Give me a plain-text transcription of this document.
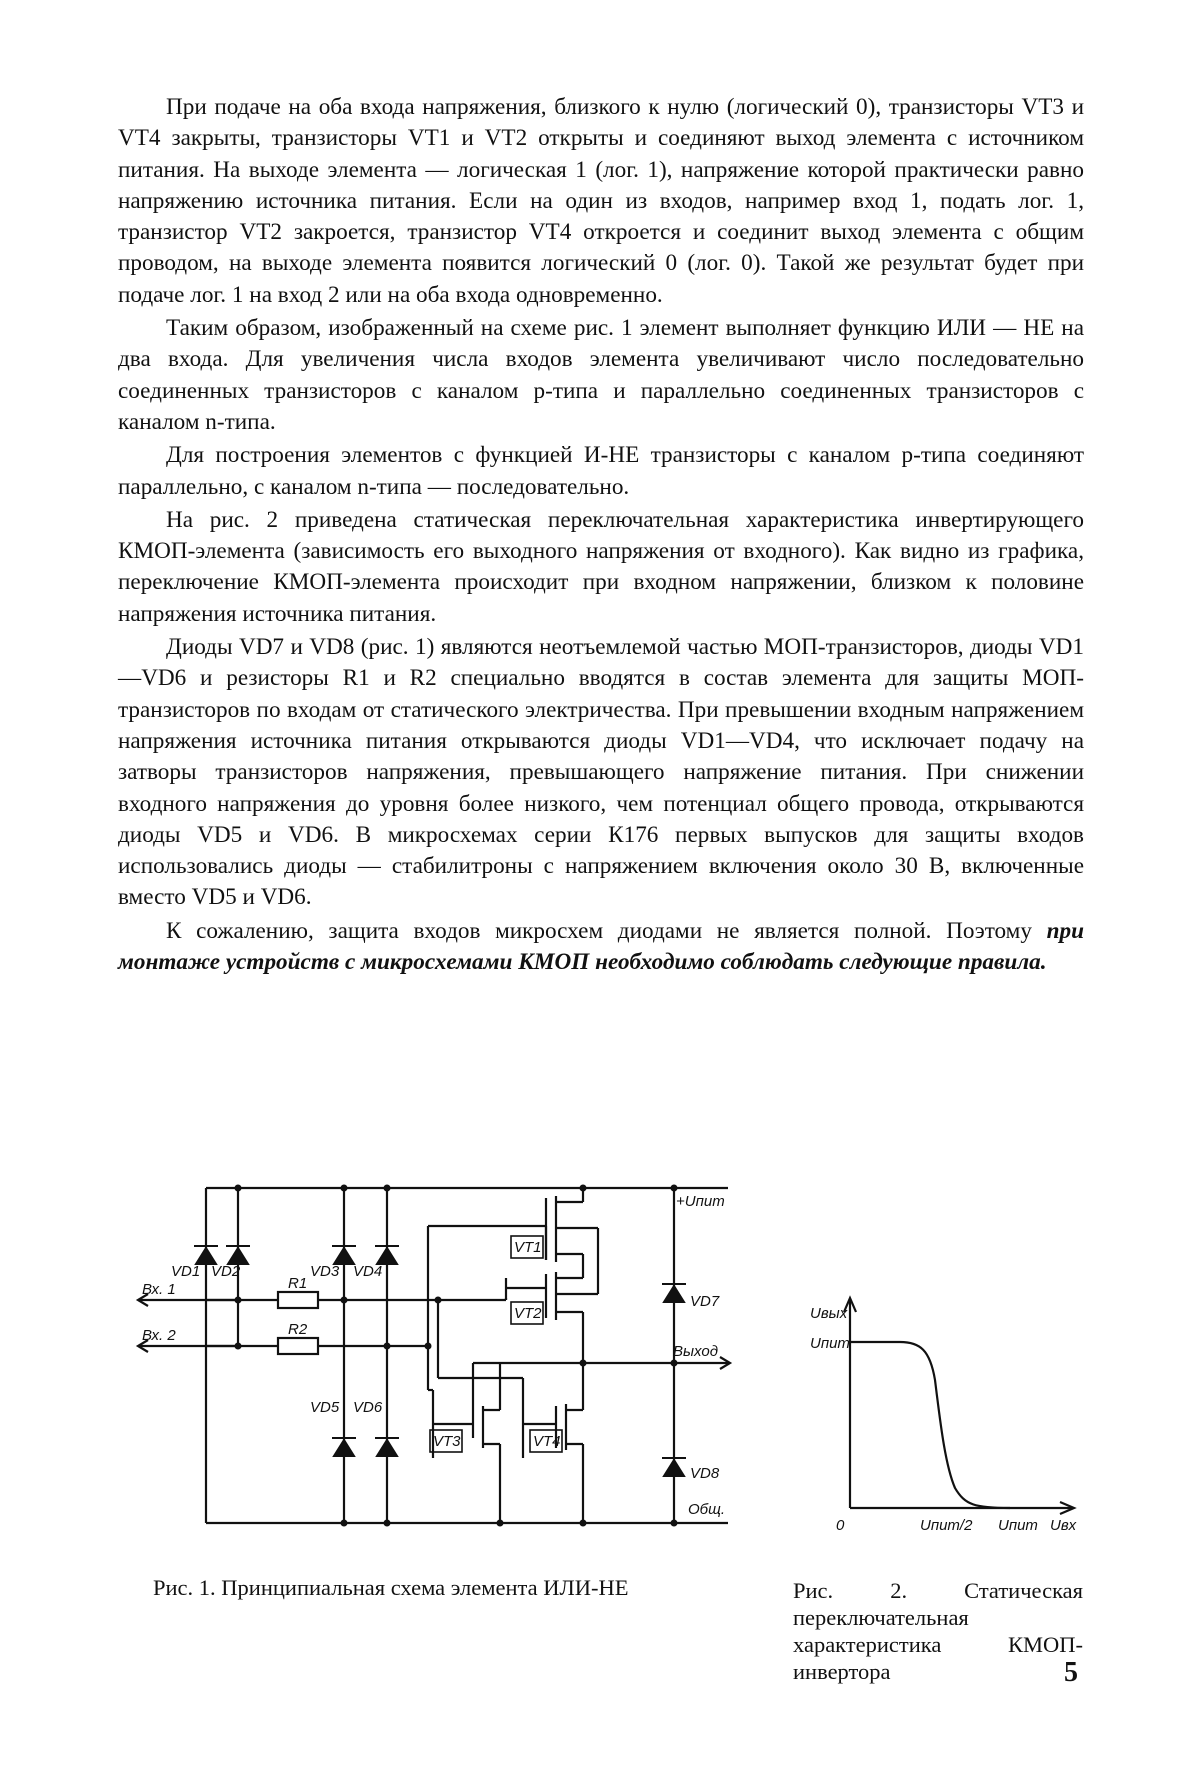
При подаче на оба входа напряжения, близкого к нулю (логический 0), транзисторы VT3 и VT4 закрыты, транзисторы VT1 и VT2 открыты и соединяют выход элемента с источником питания. На выходе элемента — логическая 1 (лог. 1), напряжение которой практически равно напряжению источника питания. Если на один из входов, например вход 1, подать лог. 1, транзистор VT2 закроется, транзистор VT4 откроется и соединит выход элемента с общим проводом, на выходе элемента появится логический 0 (лог. 0). Такой же результат будет при подаче лог. 1 на вход 2 или на оба входа одновременно.

Таким образом, изображенный на схеме рис. 1 элемент выполняет функцию ИЛИ — НЕ на два входа. Для увеличения числа входов элемента увеличивают число последовательно соединенных транзисторов с каналом p-типа и параллельно соединенных транзисторов с каналом n-типа.

Для построения элементов с функцией И-НЕ транзисторы с каналом p-типа соединяют параллельно, с каналом n-типа — последовательно.

На рис. 2 приведена статическая переключательная характеристика инвертирующего КМОП-элемента (зависимость его выходного напряжения от входного). Как видно из графика, переключение КМОП-элемента происходит при входном напряжении, близком к половине напряжения источника питания.

Диоды VD7 и VD8 (рис. 1) являются неотъемлемой частью МОП-транзисторов, диоды VD1—VD6 и резисторы R1 и R2 специально вводятся в состав элемента для защиты МОП-транзисторов по входам от статического электричества. При превышении входным напряжением напряжения источника питания открываются диоды VD1—VD4, что исключает подачу на затворы транзисторов напряжения, превышающего напряжение питания. При снижении входного напряжения до уровня более низкого, чем потенциал общего провода, открываются диоды VD5 и VD6. В микросхемах серии К176 первых выпусков для защиты входов использовались диоды — стабилитроны с напряжением включения около 30 В, включенные вместо VD5 и VD6.

К сожалению, защита входов микросхем диодами не является полной. Поэтому при монтаже устройств с микросхемами КМОП необходимо соблюдать следующие правила.

+Uпит
VD1 VD2	VD3 VD4
Вх. 1
Вх. 2
R1
R2
VT1
VT2
VT3	VT4
VD7
VD8
Выход
VD5 VD6
Общ.
Рис. 1. Принципиальная схема элемента ИЛИ-НЕ
Uвых
Uпит
0	Uпит/2 Uпит Uвх
Рис. 2. Статическая переключательная характеристика КМОП-инвертора	5
